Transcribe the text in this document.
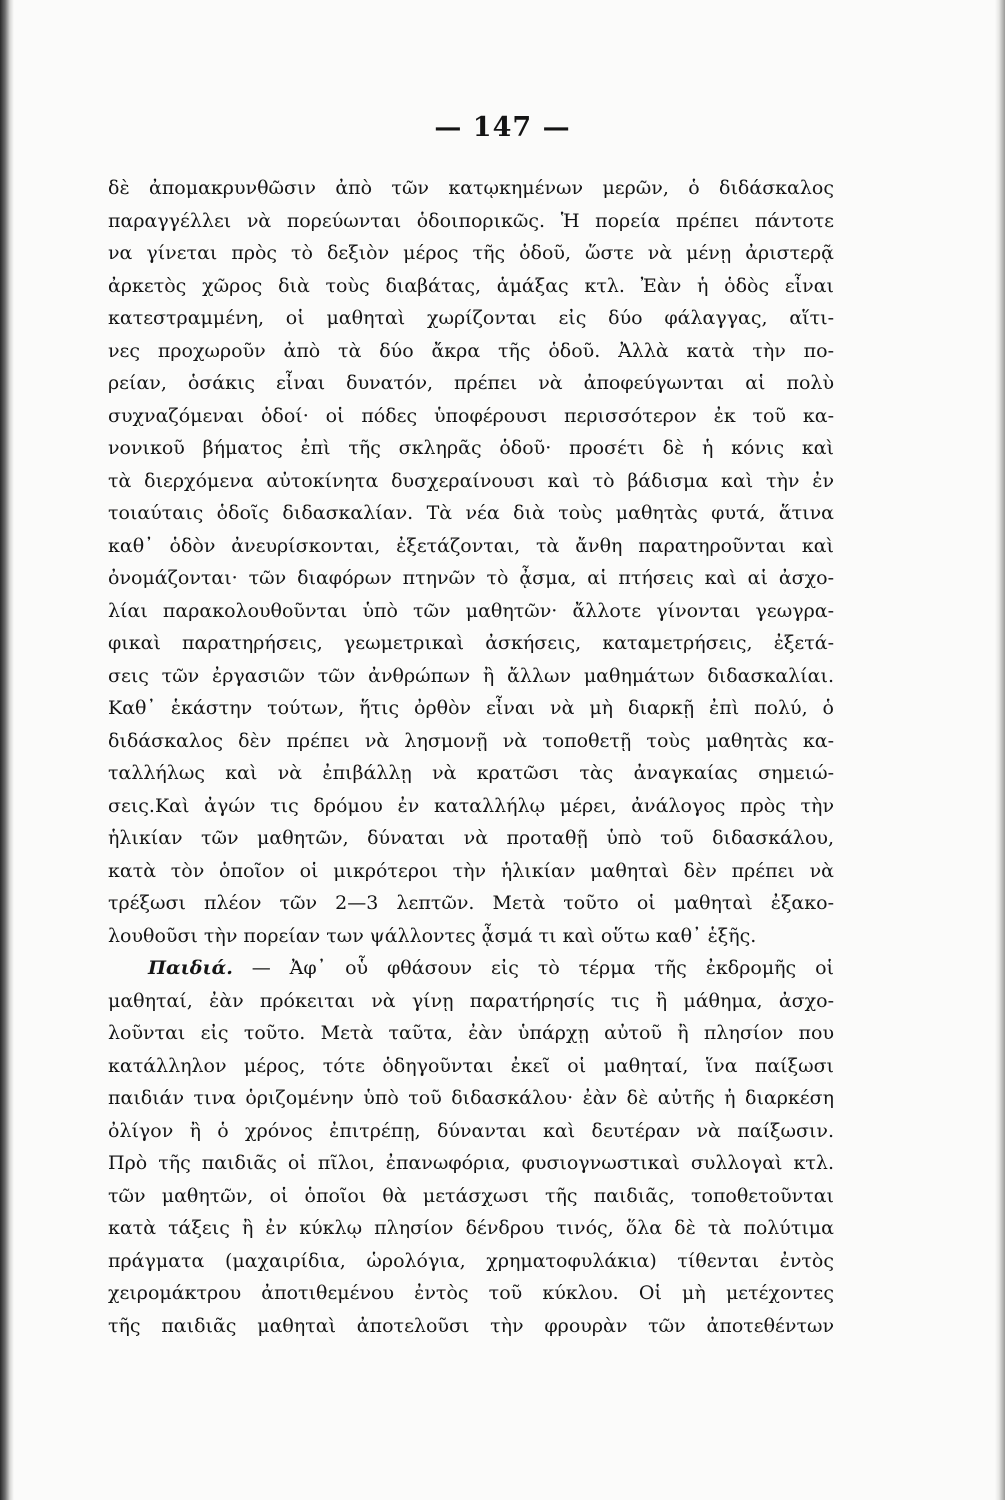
— 147 —
δὲ ἀπομακρυνθῶσιν ἀπὸ τῶν κατῳκημένων μερῶν, ὁ διδάσκαλος
παραγγέλλει νὰ πορεύωνται ὁδοιπορικῶς. Ἡ πορεία πρέπει πάντοτε
να γίνεται πρὸς τὸ δεξιὸν μέρος τῆς ὁδοῦ, ὥστε νὰ μένῃ ἀριστερᾷ
ἀρκετὸς χῶρος διὰ τοὺς διαβάτας, ἁμάξας κτλ. Ἐὰν ἡ ὁδὸς εἶναι
κατεστραμμένη, οἱ μαθηταὶ χωρίζονται εἰς δύο φάλαγγας, αἵτι-
νες προχωροῦν ἀπὸ τὰ δύο ἄκρα τῆς ὁδοῦ. Ἀλλὰ κατὰ τὴν πο-
ρείαν, ὁσάκις εἶναι δυνατόν, πρέπει νὰ ἀποφεύγωνται αἱ πολὺ
συχναζόμεναι ὁδοί· οἱ πόδες ὑποφέρουσι περισσότερον ἐκ τοῦ κα-
νονικοῦ βήματος ἐπὶ τῆς σκληρᾶς ὁδοῦ· προσέτι δὲ ἡ κόνις καὶ
τὰ διερχόμενα αὐτοκίνητα δυσχεραίνουσι καὶ τὸ βάδισμα καὶ τὴν ἐν
τοιαύταις ὁδοῖς διδασκαλίαν. Τὰ νέα διὰ τοὺς μαθητὰς φυτά, ἅτινα
καθ᾽ ὁδὸν ἀνευρίσκονται, ἐξετάζονται, τὰ ἄνθη παρατηροῦνται καὶ
ὀνομάζονται· τῶν διαφόρων πτηνῶν τὸ ᾆσμα, αἱ πτήσεις καὶ αἱ ἀσχο-
λίαι παρακολουθοῦνται ὑπὸ τῶν μαθητῶν· ἄλλοτε γίνονται γεωγρα-
φικαὶ παρατηρήσεις, γεωμετρικαὶ ἀσκήσεις, καταμετρήσεις, ἐξετά-
σεις τῶν ἐργασιῶν τῶν ἀνθρώπων ἢ ἄλλων μαθημάτων διδασκαλίαι.
Καθ᾽ ἑκάστην τούτων, ἥτις ὀρθὸν εἶναι νὰ μὴ διαρκῇ ἐπὶ πολύ, ὁ
διδάσκαλος δὲν πρέπει νὰ λησμονῇ νὰ τοποθετῇ τοὺς μαθητὰς κα-
ταλλήλως καὶ νὰ ἐπιβάλλῃ νὰ κρατῶσι τὰς ἀναγκαίας σημειώ-
σεις.Καὶ ἀγών τις δρόμου ἐν καταλλήλῳ μέρει, ἀνάλογος πρὸς τὴν
ἡλικίαν τῶν μαθητῶν, δύναται νὰ προταθῇ ὑπὸ τοῦ διδασκάλου,
κατὰ τὸν ὁποῖον οἱ μικρότεροι τὴν ἡλικίαν μαθηταὶ δὲν πρέπει νὰ
τρέξωσι πλέον τῶν 2—3 λεπτῶν. Μετὰ τοῦτο οἱ μαθηταὶ ἐξακο-
λουθοῦσι τὴν πορείαν των ψάλλοντες ᾆσμά τι καὶ οὕτω καθ᾽ ἑξῆς.
Παιδιά. — Ἀφ᾽ οὗ φθάσουν εἰς τὸ τέρμα τῆς ἐκδρομῆς οἱ
μαθηταί, ἐὰν πρόκειται νὰ γίνῃ παρατήρησίς τις ἢ μάθημα, ἀσχο-
λοῦνται εἰς τοῦτο. Μετὰ ταῦτα, ἐὰν ὑπάρχῃ αὐτοῦ ἢ πλησίον που
κατάλληλον μέρος, τότε ὁδηγοῦνται ἐκεῖ οἱ μαθηταί, ἵνα παίξωσι
παιδιάν τινα ὁριζομένην ὑπὸ τοῦ διδασκάλου· ἐὰν δὲ αὐτῆς ἡ διαρκέση
ὀλίγον ἢ ὁ χρόνος ἐπιτρέπῃ, δύνανται καὶ δευτέραν νὰ παίξωσιν.
Πρὸ τῆς παιδιᾶς οἱ πῖλοι, ἐπανωφόρια, φυσιογνωστικαὶ συλλογαὶ κτλ.
τῶν μαθητῶν, οἱ ὁποῖοι θὰ μετάσχωσι τῆς παιδιᾶς, τοποθετοῦνται
κατὰ τάξεις ἢ ἐν κύκλῳ πλησίον δένδρου τινός, ὅλα δὲ τὰ πολύτιμα
πράγματα (μαχαιρίδια, ὡρολόγια, χρηματοφυλάκια) τίθενται ἐντὸς
χειρομάκτρου ἀποτιθεμένου ἐντὸς τοῦ κύκλου. Οἱ μὴ μετέχοντες
τῆς παιδιᾶς μαθηταὶ ἀποτελοῦσι τὴν φρουρὰν τῶν ἀποτεθέντων
